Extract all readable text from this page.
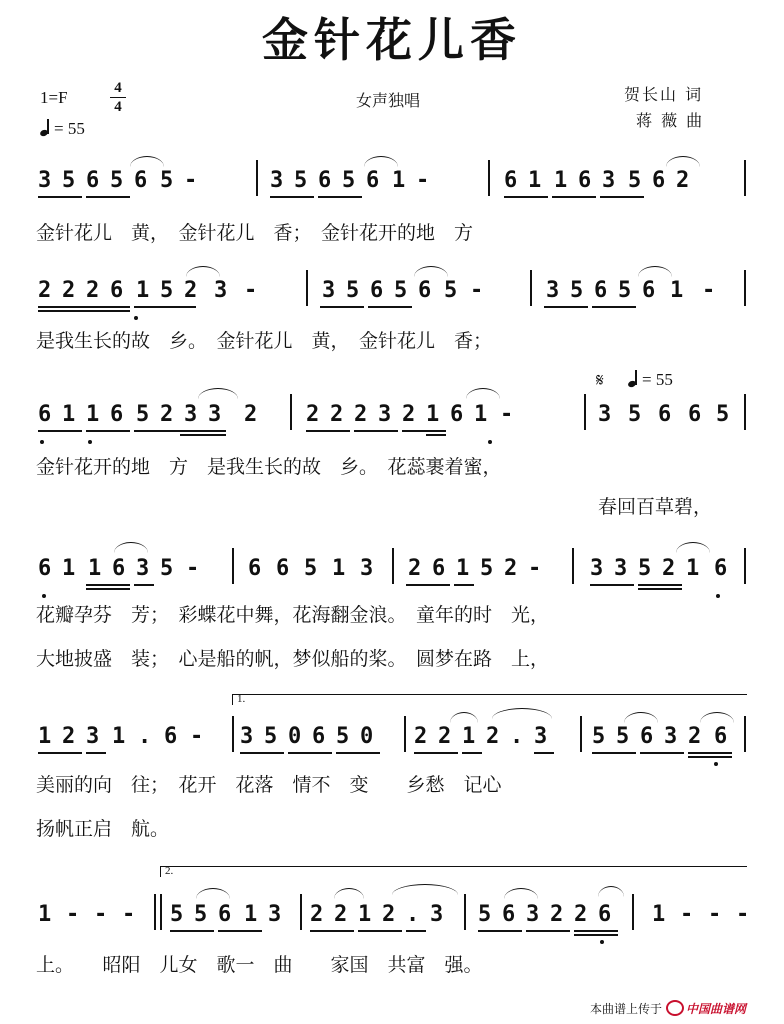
金针花儿香
1=F	4
4
= 55
女声独唱	贺长山 词
蒋 薇 曲
3 5 6 5 6 5 -	3 5 6 5 6 1 -	6 1 1 6 3 5 6 2
金针花儿　黄，　金针花儿　香；　金针花开的地　方
2 2 2 6 1 5 2 3 -	3 5 6 5 6 5 -	3 5 6 5 6 1 -
是我生长的故　乡。　金针花儿　黄，　金针花儿　香；
𝄋	= 55
6 1 1 6 5 2 3 3 2 2 2 2 3 2 1 6 1 -	3 5 6 6 5
金针花开的地　方　是我生长的故　乡。　花蕊裹着蜜，
春回百草碧，
6 1 1 6 3 5 - 6 6 5 1 3 2 6 1 5 2 - 3 3 5 2 1 6
花瓣孕芬　芳；　彩蝶花中舞，花海翻金浪。　童年的时　光，
大地披盛　装；　心是船的帆，梦似船的桨。　圆梦在路　上，
1.
1 2 3 1 . 6 - 3 5 0 6 5 0 2 2 1 2 . 3 5 5 6 3 2 6
美丽的向　往；　花开　花落　情不　变　　乡愁　记心
扬帆正启　航。
2.
1 - - - 5 5 6 1 3 2 2 1 2 . 3 5 6 3 2 2 6 1 - - -
上。　　昭阳　儿女　歌一　曲　　家国　共富　强。
本曲谱上传于 中国曲谱网
